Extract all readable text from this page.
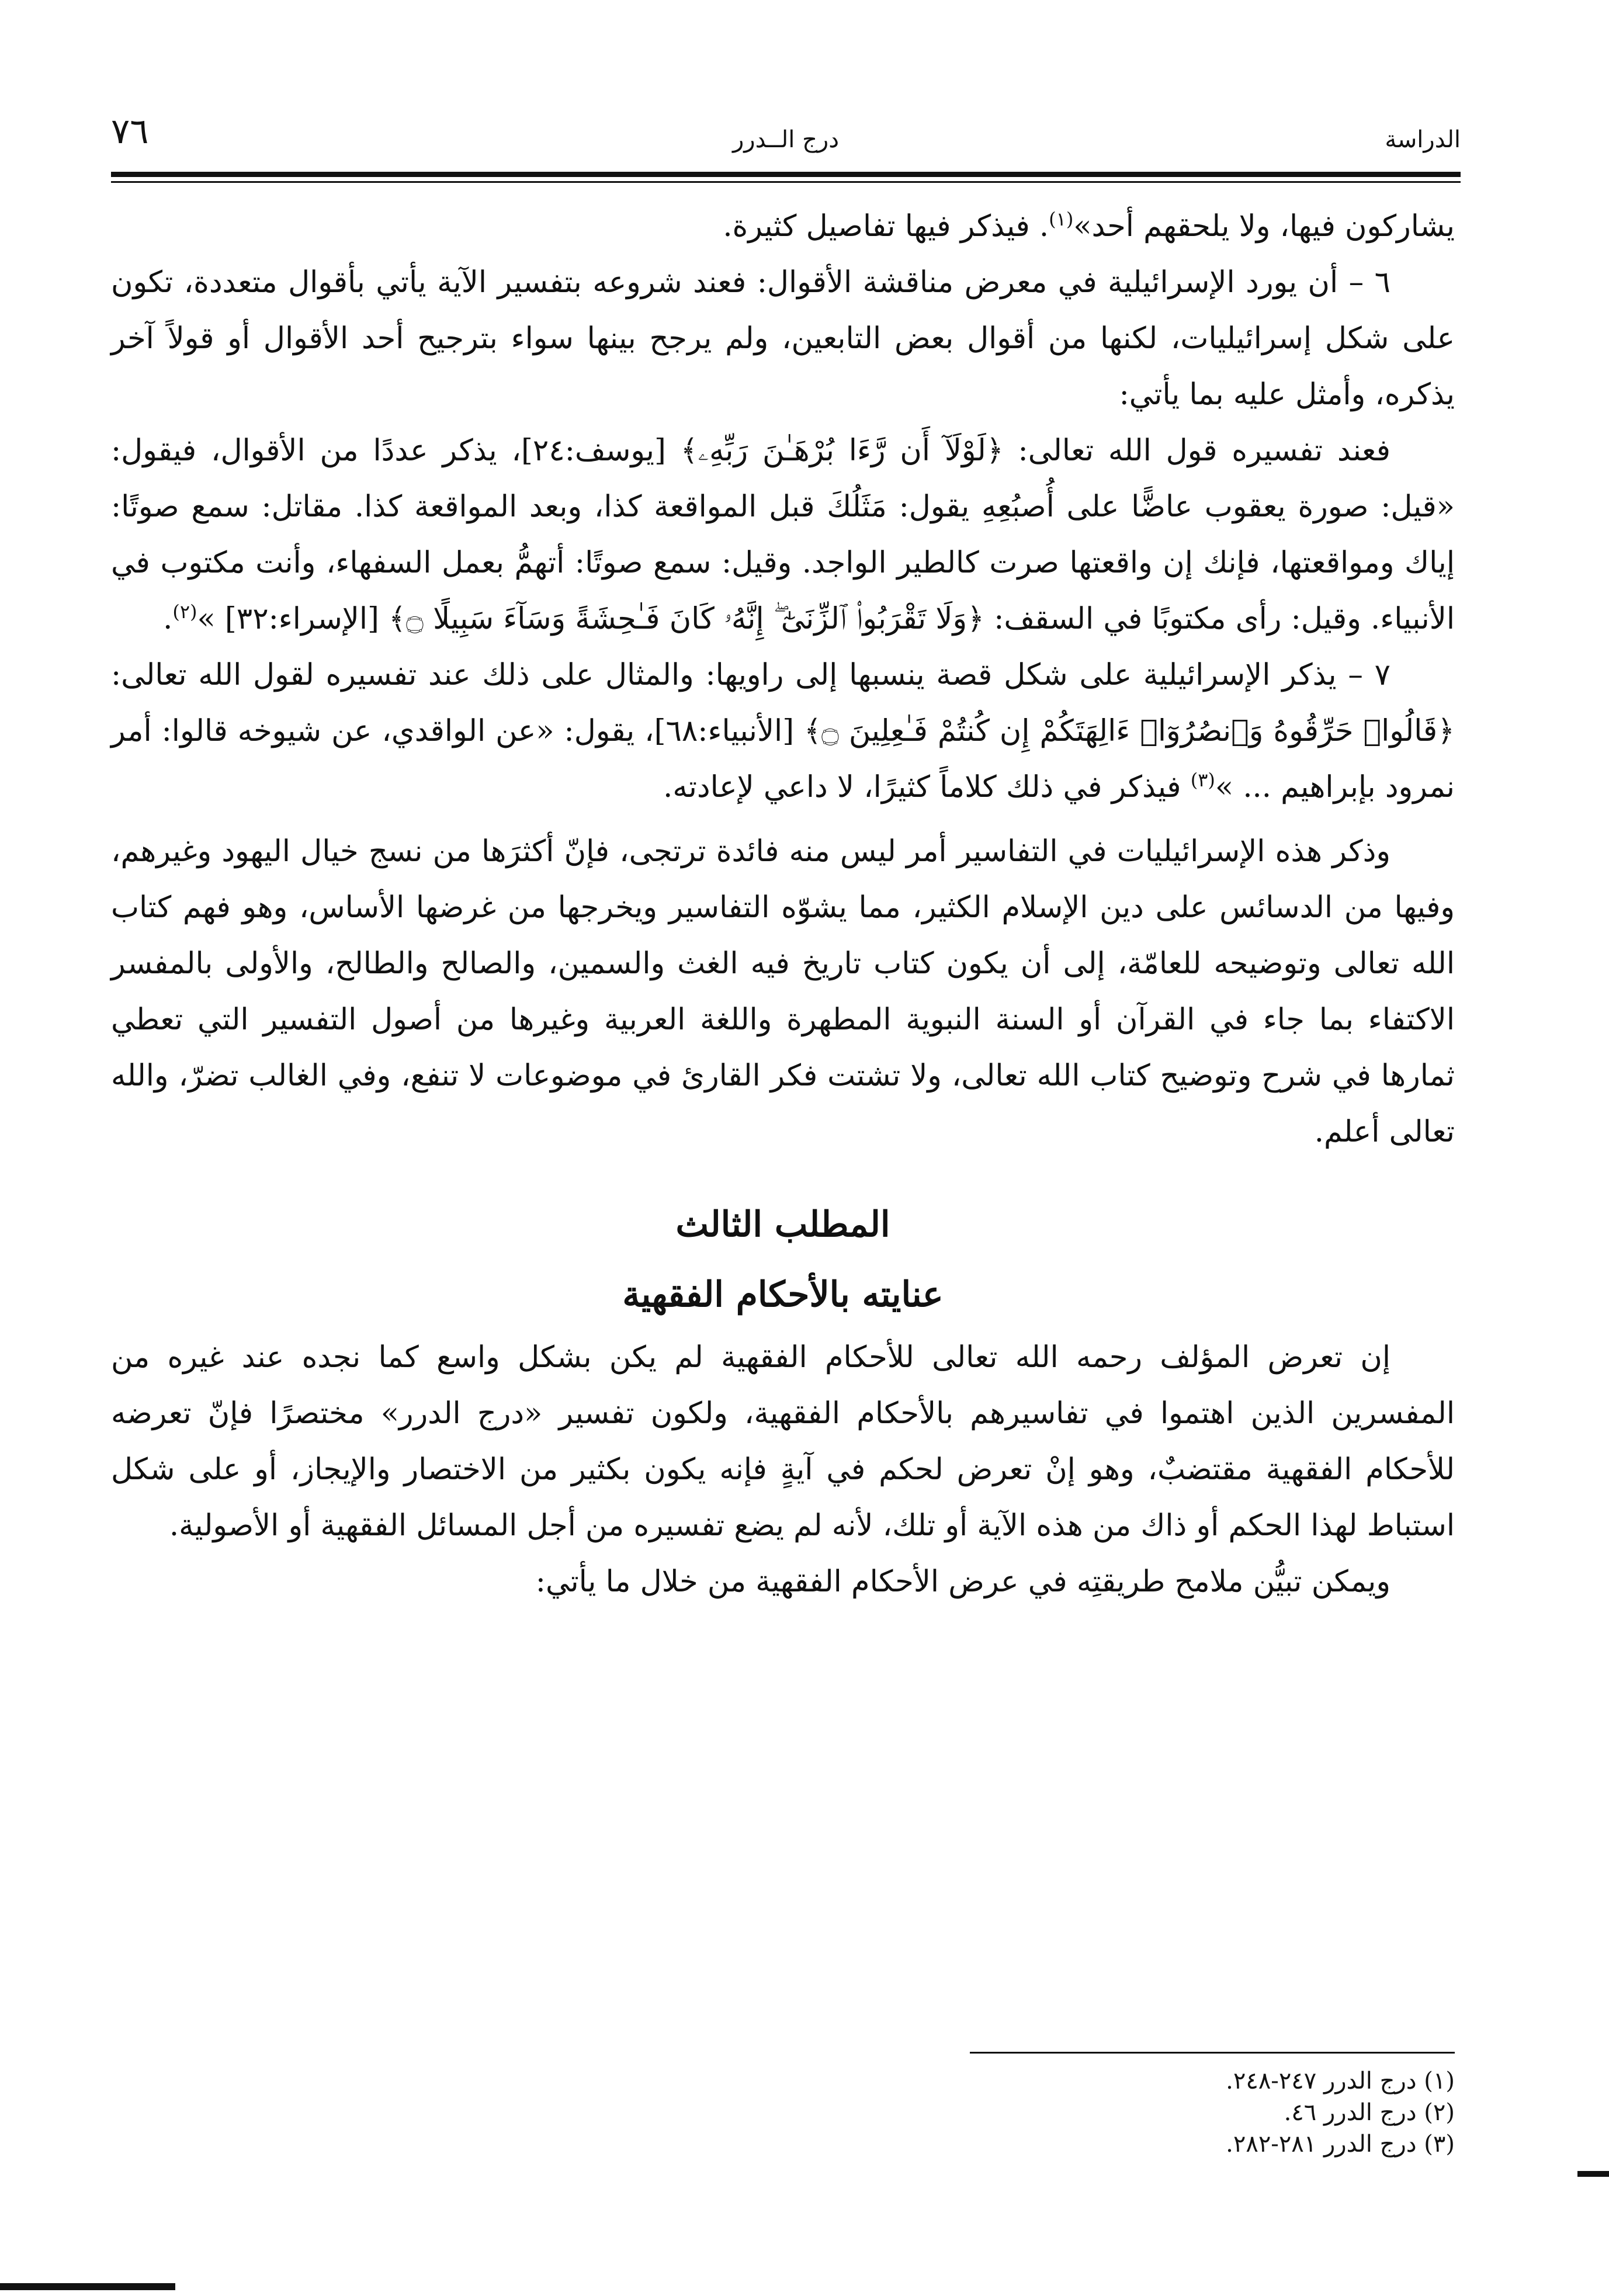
٧٦	درج الــدرر	الدراسة

يشاركون فيها، ولا يلحقهم أحد»$^{(١)}$. فيذكر فيها تفاصيل كثيرة.

٦ – أن يورد الإسرائيلية في معرض مناقشة الأقوال: فعند شروعه بتفسير الآية يأتي بأقوال متعددة، تكون على شكل إسرائيليات، لكنها من أقوال بعض التابعين، ولم يرجح بينها سواء بترجيح أحد الأقوال أو قولاً آخر يذكره، وأمثل عليه بما يأتي:

فعند تفسيره قول الله تعالى: ﴿لَوْلَآ أَن رَّءَا بُرْهَـٰنَ رَبِّهِۦ﴾ [يوسف:٢٤]، يذكر عددًا من الأقوال، فيقول: «قيل: صورة يعقوب عاضًّا على أُصبُعِهِ يقول: مَثَلُكَ قبل المواقعة كذا، وبعد المواقعة كذا. مقاتل: سمع صوتًا: إياك ومواقعتها، فإنك إن واقعتها صرت كالطير الواجد. وقيل: سمع صوتًا: أتهمُّ بعمل السفهاء، وأنت مكتوب في الأنبياء. وقيل: رأى مكتوبًا في السقف: ﴿وَلَا تَقْرَبُوا۟ ٱلزِّنَىٰٓ ۖ إِنَّهُۥ كَانَ فَـٰحِشَةً وَسَآءَ سَبِيلًا ۝﴾ [الإسراء:٣٢] »$^{(٢)}$.

٧ – يذكر الإسرائيلية على شكل قصة ينسبها إلى راويها: والمثال على ذلك عند تفسيره لقول الله تعالى: ﴿قَالُوا۟ حَرِّقُوهُ وَٱنصُرُوٓا۟ ءَالِهَتَكُمْ إِن كُنتُمْ فَـٰعِلِينَ ۝﴾ [الأنبياء:٦٨]، يقول: «عن الواقدي، عن شيوخه قالوا: أمر نمرود بإبراهيم ... »$^{(٣)}$ فيذكر في ذلك كلاماً كثيرًا، لا داعي لإعادته.

وذكر هذه الإسرائيليات في التفاسير أمر ليس منه فائدة ترتجى، فإنّ أكثرَها من نسج خيال اليهود وغيرهم، وفيها من الدسائس على دين الإسلام الكثير، مما يشوّه التفاسير ويخرجها من غرضها الأساس، وهو فهم كتاب الله تعالى وتوضيحه للعامّة، إلى أن يكون كتاب تاريخ فيه الغث والسمين، والصالح والطالح، والأولى بالمفسر الاكتفاء بما جاء في القرآن أو السنة النبوية المطهرة واللغة العربية وغيرها من أصول التفسير التي تعطي ثمارها في شرح وتوضيح كتاب الله تعالى، ولا تشتت فكر القارئ في موضوعات لا تنفع، وفي الغالب تضرّ، والله تعالى أعلم.

المطلب الثالث
عنايته بالأحكام الفقهية

إن تعرض المؤلف رحمه الله تعالى للأحكام الفقهية لم يكن بشكل واسع كما نجده عند غيره من المفسرين الذين اهتموا في تفاسيرهم بالأحكام الفقهية، ولكون تفسير «درج الدرر» مختصرًا فإنّ تعرضه للأحكام الفقهية مقتضبٌ، وهو إنْ تعرض لحكم في آيةٍ فإنه يكون بكثير من الاختصار والإيجاز، أو على شكل استباط لهذا الحكم أو ذاك من هذه الآية أو تلك، لأنه لم يضع تفسيره من أجل المسائل الفقهية أو الأصولية.

ويمكن تبيُّن ملامح طريقتِه في عرض الأحكام الفقهية من خلال ما يأتي:

(١) درج الدرر ٢٤٧-٢٤٨.
(٢) درج الدرر ٤٦.
(٣) درج الدرر ٢٨١-٢٨٢.
